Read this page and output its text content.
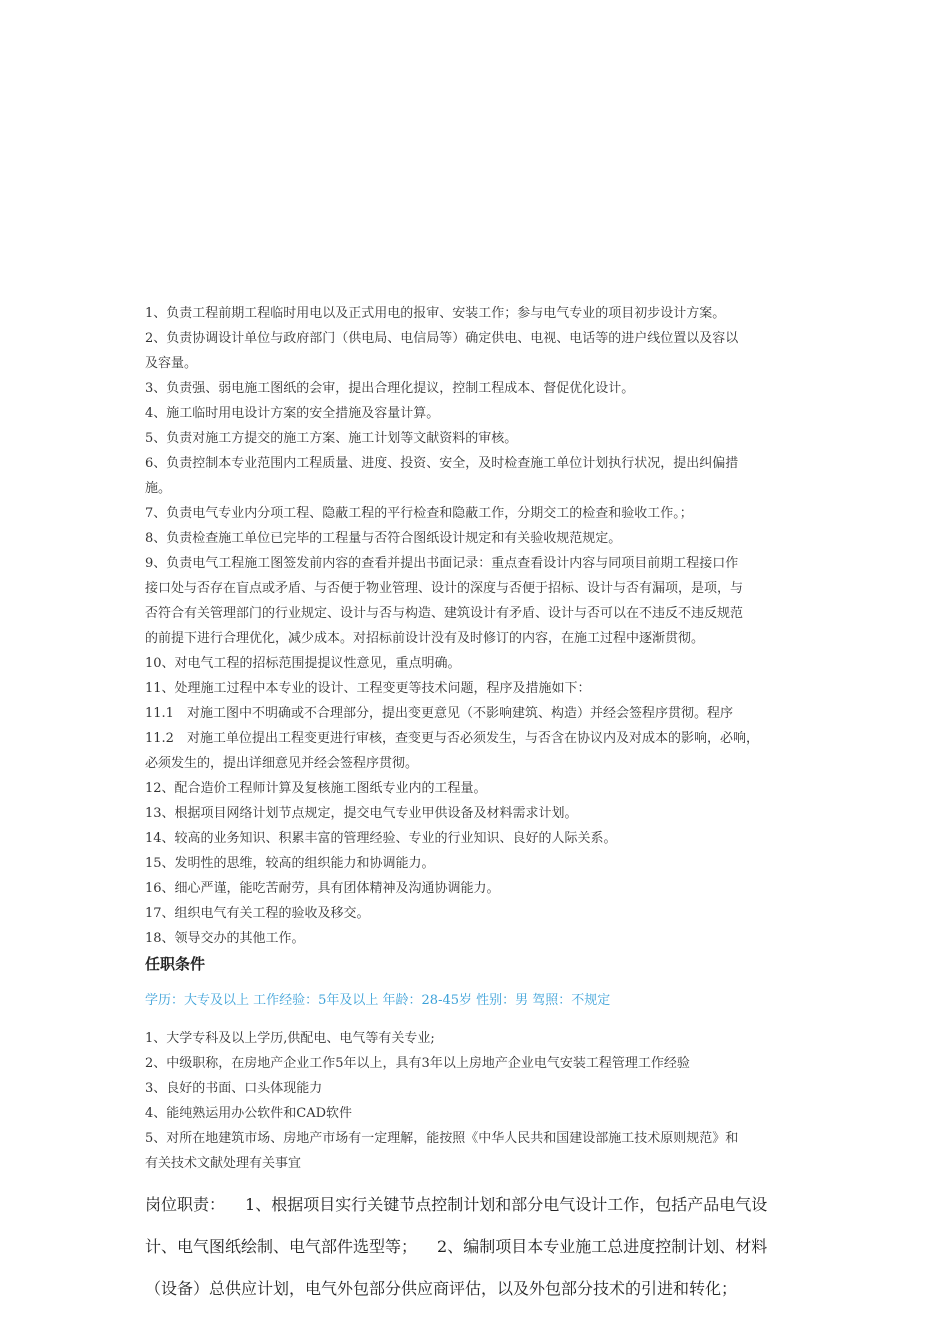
1、负责工程前期工程临时用电以及正式用电的报审、安装工作；参与电气专业的项目初步设计方案。

2、负责协调设计单位与政府部门（供电局、电信局等）确定供电、电视、电话等的进户线位置以及容以

及容量。

3、负责强、弱电施工图纸的会审，提出合理化提议，控制工程成本、督促优化设计。

4、施工临时用电设计方案的安全措施及容量计算。

5、负责对施工方提交的施工方案、施工计划等文献资料的审核。

6、负责控制本专业范围内工程质量、进度、投资、安全，及时检查施工单位计划执行状况，提出纠偏措

施。

7、负责电气专业内分项工程、隐蔽工程的平行检查和隐蔽工作，分期交工的检查和验收工作。；

8、负责检查施工单位已完毕的工程量与否符合图纸设计规定和有关验收规范规定。

9、负责电气工程施工图签发前内容的查看并提出书面记录：重点查看设计内容与同项目前期工程接口作

接口处与否存在盲点或矛盾、与否便于物业管理、设计的深度与否便于招标、设计与否有漏项，是项，与

否符合有关管理部门的行业规定、设计与否与构造、建筑设计有矛盾、设计与否可以在不违反不违反规范

的前提下进行合理优化，减少成本。对招标前设计没有及时修订的内容，在施工过程中逐渐贯彻。

10、对电气工程的招标范围提提议性意见，重点明确。

11、处理施工过程中本专业的设计、工程变更等技术问题，程序及措施如下：

11.1　对施工图中不明确或不合理部分，提出变更意见（不影响建筑、构造）并经会签程序贯彻。程序

11.2　对施工单位提出工程变更进行审核，查变更与否必须发生，与否含在协议内及对成本的影响，必响，

必须发生的，提出详细意见并经会签程序贯彻。

12、配合造价工程师计算及复核施工图纸专业内的工程量。

13、根据项目网络计划节点规定，提交电气专业甲供设备及材料需求计划。

14、较高的业务知识、积累丰富的管理经验、专业的行业知识、良好的人际关系。

15、发明性的思维，较高的组织能力和协调能力。

16、细心严谨，能吃苦耐劳，具有团体精神及沟通协调能力。

17、组织电气有关工程的验收及移交。

18、领导交办的其他工作。

任职条件

学历：大专及以上 工作经验：5年及以上 年龄：28-45岁 性别：男 驾照：不规定

1、大学专科及以上学历,供配电、电气等有关专业;

2、中级职称，在房地产企业工作5年以上，具有3年以上房地产企业电气安装工程管理工作经验

3、良好的书面、口头体现能力

4、能纯熟运用办公软件和CAD软件

5、对所在地建筑市场、房地产市场有一定理解，能按照《中华人民共和国建设部施工技术原则规范》和

有关技术文献处理有关事宜

岗位职责： 1、根据项目实行关键节点控制计划和部分电气设计工作，包括产品电气设

计、电气图纸绘制、电气部件选型等； 2、编制项目本专业施工总进度控制计划、材料

（设备）总供应计划，电气外包部分供应商评估，以及外包部分技术的引进和转化；
